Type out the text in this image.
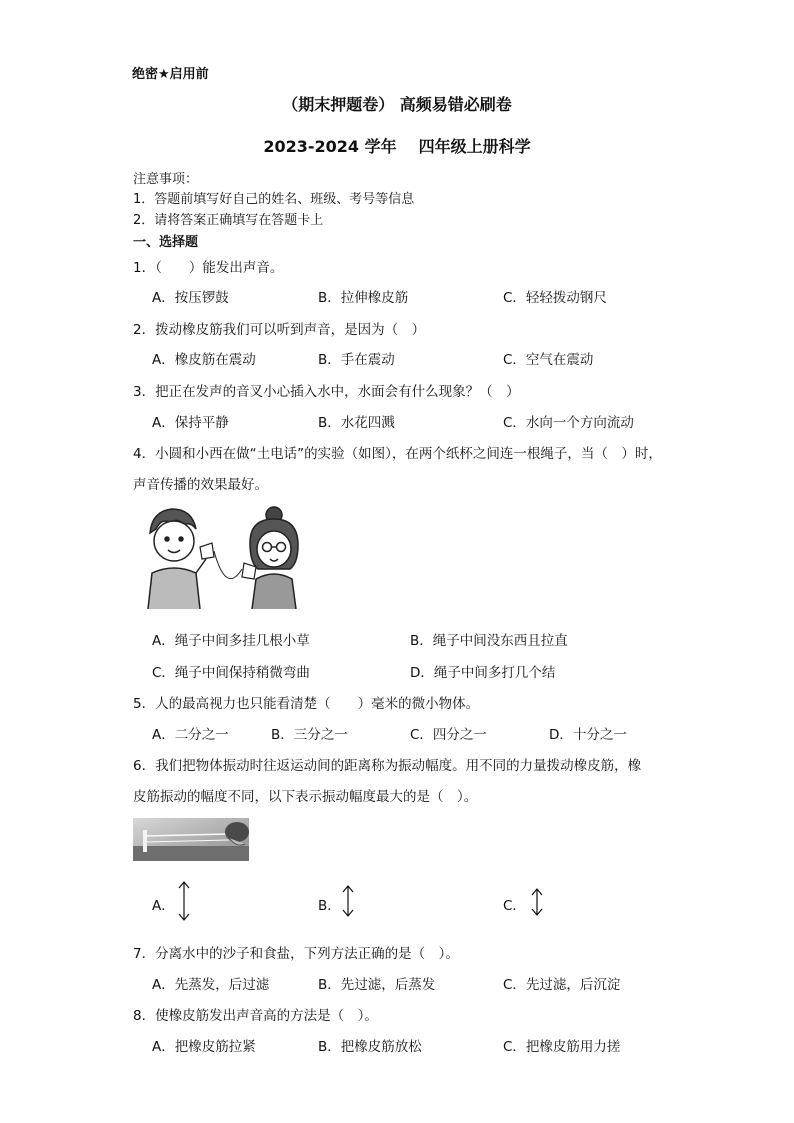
绝密★启用前
（期末押题卷） 高频易错必刷卷
2023-2024 学年 四年级上册科学
注意事项：
1．答题前填写好自己的姓名、班级、考号等信息
2．请将答案正确填写在答题卡上
一、选择题
1．（　　）能发出声音。
A．按压锣鼓	B．拉伸橡皮筋	C．轻轻拨动钢尺
2．拨动橡皮筋我们可以听到声音，是因为（　）
A．橡皮筋在震动	B．手在震动	C．空气在震动
3．把正在发声的音叉小心插入水中，水面会有什么现象？（　）
A．保持平静	B．水花四溅	C．水向一个方向流动
4．小圆和小西在做“土电话”的实验（如图），在两个纸杯之间连一根绳子，当（　）时，
声音传播的效果最好。
A．绳子中间多挂几根小草	B．绳子中间没东西且拉直
C．绳子中间保持稍微弯曲	D．绳子中间多打几个结
5．人的最高视力也只能看清楚（　　）毫米的微小物体。
A．二分之一	B．三分之一	C．四分之一	D．十分之一
6．我们把物体振动时往返运动间的距离称为振动幅度。用不同的力量拨动橡皮筋，橡
皮筋振动的幅度不同，以下表示振动幅度最大的是（　）。
A．	B．	C．
7．分离水中的沙子和食盐，下列方法正确的是（　）。
A．先蒸发，后过滤	B．先过滤，后蒸发	C．先过滤，后沉淀
8．使橡皮筋发出声音高的方法是（　）。
A．把橡皮筋拉紧	B．把橡皮筋放松	C．把橡皮筋用力搓
